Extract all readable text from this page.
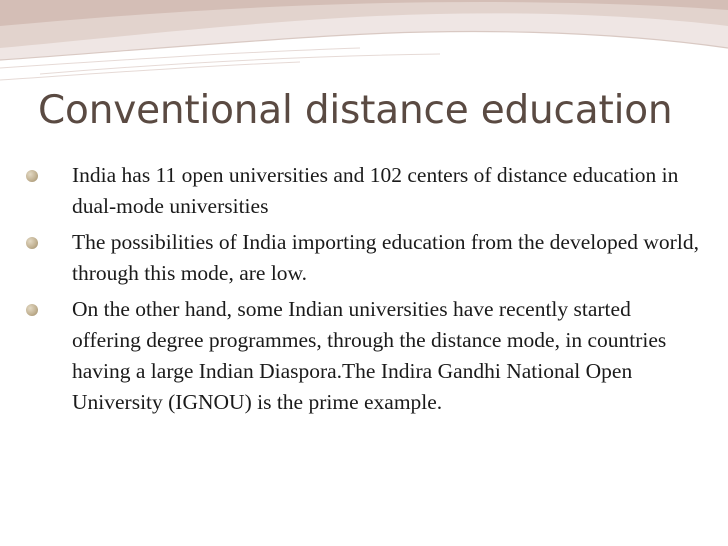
Conventional distance education
India has 11 open universities and 102 centers of distance education in dual-mode universities
The possibilities of India importing education from the developed world, through this mode, are low.
On the other hand, some Indian universities have recently started offering degree programmes, through the distance mode, in countries having a large Indian Diaspora.The Indira Gandhi National Open University (IGNOU) is the prime example.
